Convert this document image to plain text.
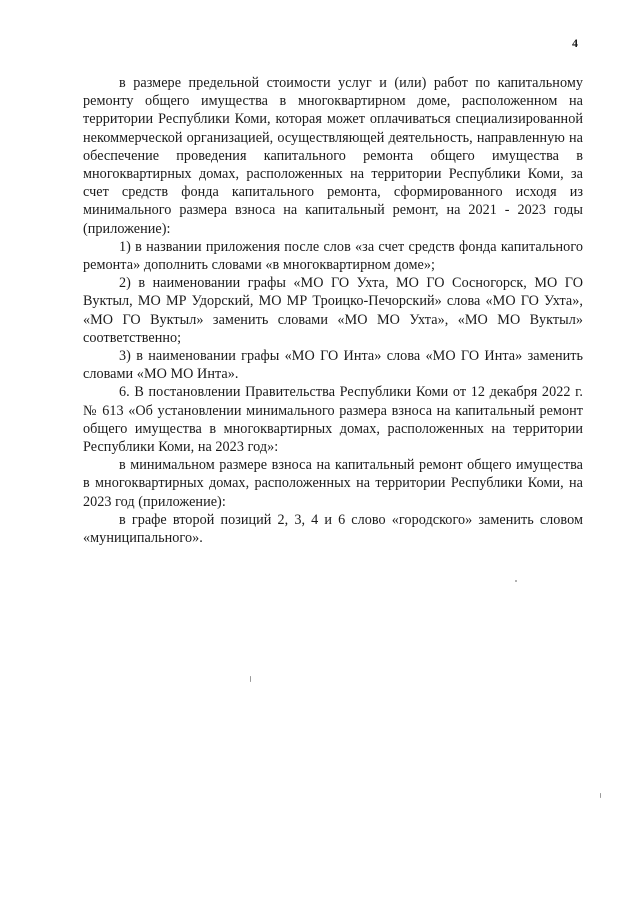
4

в размере предельной стоимости услуг и (или) работ по капитальному ремонту общего имущества в многоквартирном доме, расположенном на территории Республики Коми, которая может оплачиваться специализированной некоммерческой организацией, осуществляющей деятельность, направленную на обеспечение проведения капитального ремонта общего имущества в многоквартирных домах, расположенных на территории Республики Коми, за счет средств фонда капитального ремонта, сформированного исходя из минимального размера взноса на капитальный ремонт, на 2021 - 2023 годы (приложение):

1) в названии приложения после слов «за счет средств фонда капитального ремонта» дополнить словами «в многоквартирном доме»;

2) в наименовании графы «МО ГО Ухта, МО ГО Сосногорск, МО ГО Вуктыл, МО МР Удорский, МО МР Троицко-Печорский» слова «МО ГО Ухта», «МО ГО Вуктыл» заменить словами «МО МО Ухта», «МО МО Вуктыл» соответственно;

3) в наименовании графы «МО ГО Инта» слова «МО ГО Инта» заменить словами «МО МО Инта».

6. В постановлении Правительства Республики Коми от 12 декабря 2022 г. № 613 «Об установлении минимального размера взноса на капитальный ремонт общего имущества в многоквартирных домах, расположенных на территории Республики Коми, на 2023 год»:

в минимальном размере взноса на капитальный ремонт общего имущества в многоквартирных домах, расположенных на территории Республики Коми, на 2023 год (приложение):

в графе второй позиций 2, 3, 4 и 6 слово «городского» заменить словом «муниципального».
